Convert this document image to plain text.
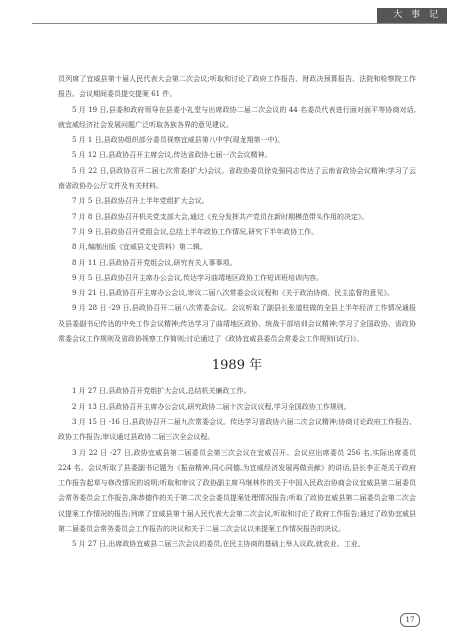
大 事 记

员列席了宜威县第十届人民代表大会第二次会议;听取和讨论了政府工作报告、财政决预算报告、法院和检察院工作报告。会议期间委员提交提案 61 件。

5 月 19 日,县委和政府领导在县委小礼堂与出席政协二届二次会议的 44 名委员代表进行面对面平等协商对话,就宜威经济社会发展问题广泛听取各族各界的意见建议。

5 月 1 日,县政协组织部分委员视察宜威县第八中学(现龙翔第一中)。

5 月 12 日,县政协召开主席会议,传达省政协七届一次会议精神。

5 月 22 日,县政协召开二届七次常委(扩大)会议。省政协委员徐克强同志传达了云南省政协会议精神;学习了云南省政协办公厅文件及有关材料。

7 月 5 日,县政协召开上半年党组扩大会议。

7 月 8 日,县政协召开机关党支部大会,通过《充分发挥共产党员在新时期模范带头作用的决定》。

7 月 9 日,县政协召开党组会议,总结上半年政协工作情况,研究下半年政协工作。

8 月,编制出版《宜威县文史资料》第二辑。

8 月 11 日,县政协召开党组会议,研究有关人事事项。

9 月 5 日,县政协召开主席办公会议,传达学习曲靖地区政协工作短训班培训内容。

9 月 21 日,县政协召开主席办公会议,审议二届八次常委会议议程和《关于政治协商、民主监督的意见》。

9 月 28 日 -29 日,县政协召开二届八次常委会议。会议听取了副县长张道柱做的全县上半年经济工作情况通报及县委副书记传达的中央工作会议精神;传达学习了曲靖地区政协、统战干部培训会议精神;学习了全国政协、省政协常委会议工作规则及省政协视察工作简则;讨论通过了《政协宜威县委员会常委会工作规则(试行)》。

1989 年

1 月 27 日,县政协召开党组扩大会议,总结机关廉政工作。

2 月 13 日,县政协召开主席办公会议,研究政协二届十次会议议程,学习全国政协工作规则。

3 月 15 日 -16 日,县政协召开二届九次常委会议。传达学习省政协六届二次会议精神;协商讨论政府工作报告、政协工作报告;审议通过县政协二届三次全会议程。

3 月 22 日 -27 日,政协宜威县第二届委员会第三次会议在宜威召开。会议应出席委员 256 名,实际出席委员 224 名。会议听取了县委副书记题为《振奋精神,同心同德,为宜威经济发展再做贡献》的讲话,县长李正尧关于政府工作报告起草与修改情况的说明;听取和审议了政协副主席马继林作的关于中国人民政治协商会议宜威县第二届委员会常务委员会工作报告,陈恭德作的关于第二次全会委员提案处理情况报告;听取了政协宜威县第二届委员会第二次会议提案工作情况的报告;列席了宜威县第十届人民代表大会第二次会议,听取和讨论了政府工作报告;通过了政协宜威县第二届委员会常务委员会工作报告的决议和关于二届二次会议以来提案工作情况报告的决议。

5 月 27 日,出席政协宜威县二届三次会议的委员,在民主协商的基础上举人议政,就农业、工业、

17
